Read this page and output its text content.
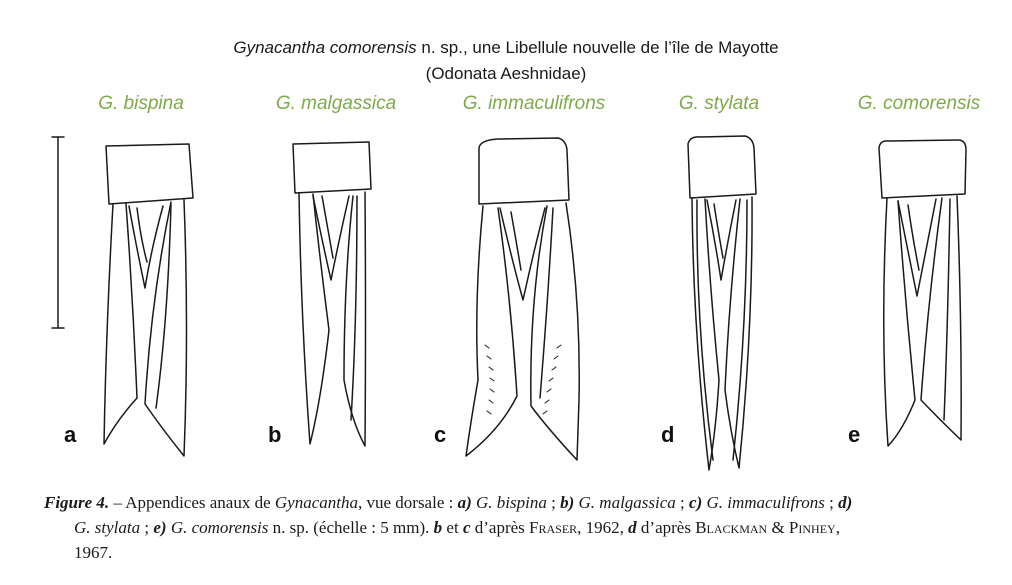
Gynacantha comorensis n. sp., une Libellule nouvelle de l’île de Mayotte
(Odonata Aeshnidae)
G. bispina	G. malgassica	G. immaculifrons	G. stylata	G. comorensis
a	b	c	d	e
Figure 4. – Appendices anaux de Gynacantha, vue dorsale : a) G. bispina ; b) G. malgassica ; c) G. immaculifrons ; d)
G. stylata ; e) G. comorensis n. sp. (échelle : 5 mm). b et c d’après Fraser, 1962, d d’après Blackman & Pinhey,
1967.
